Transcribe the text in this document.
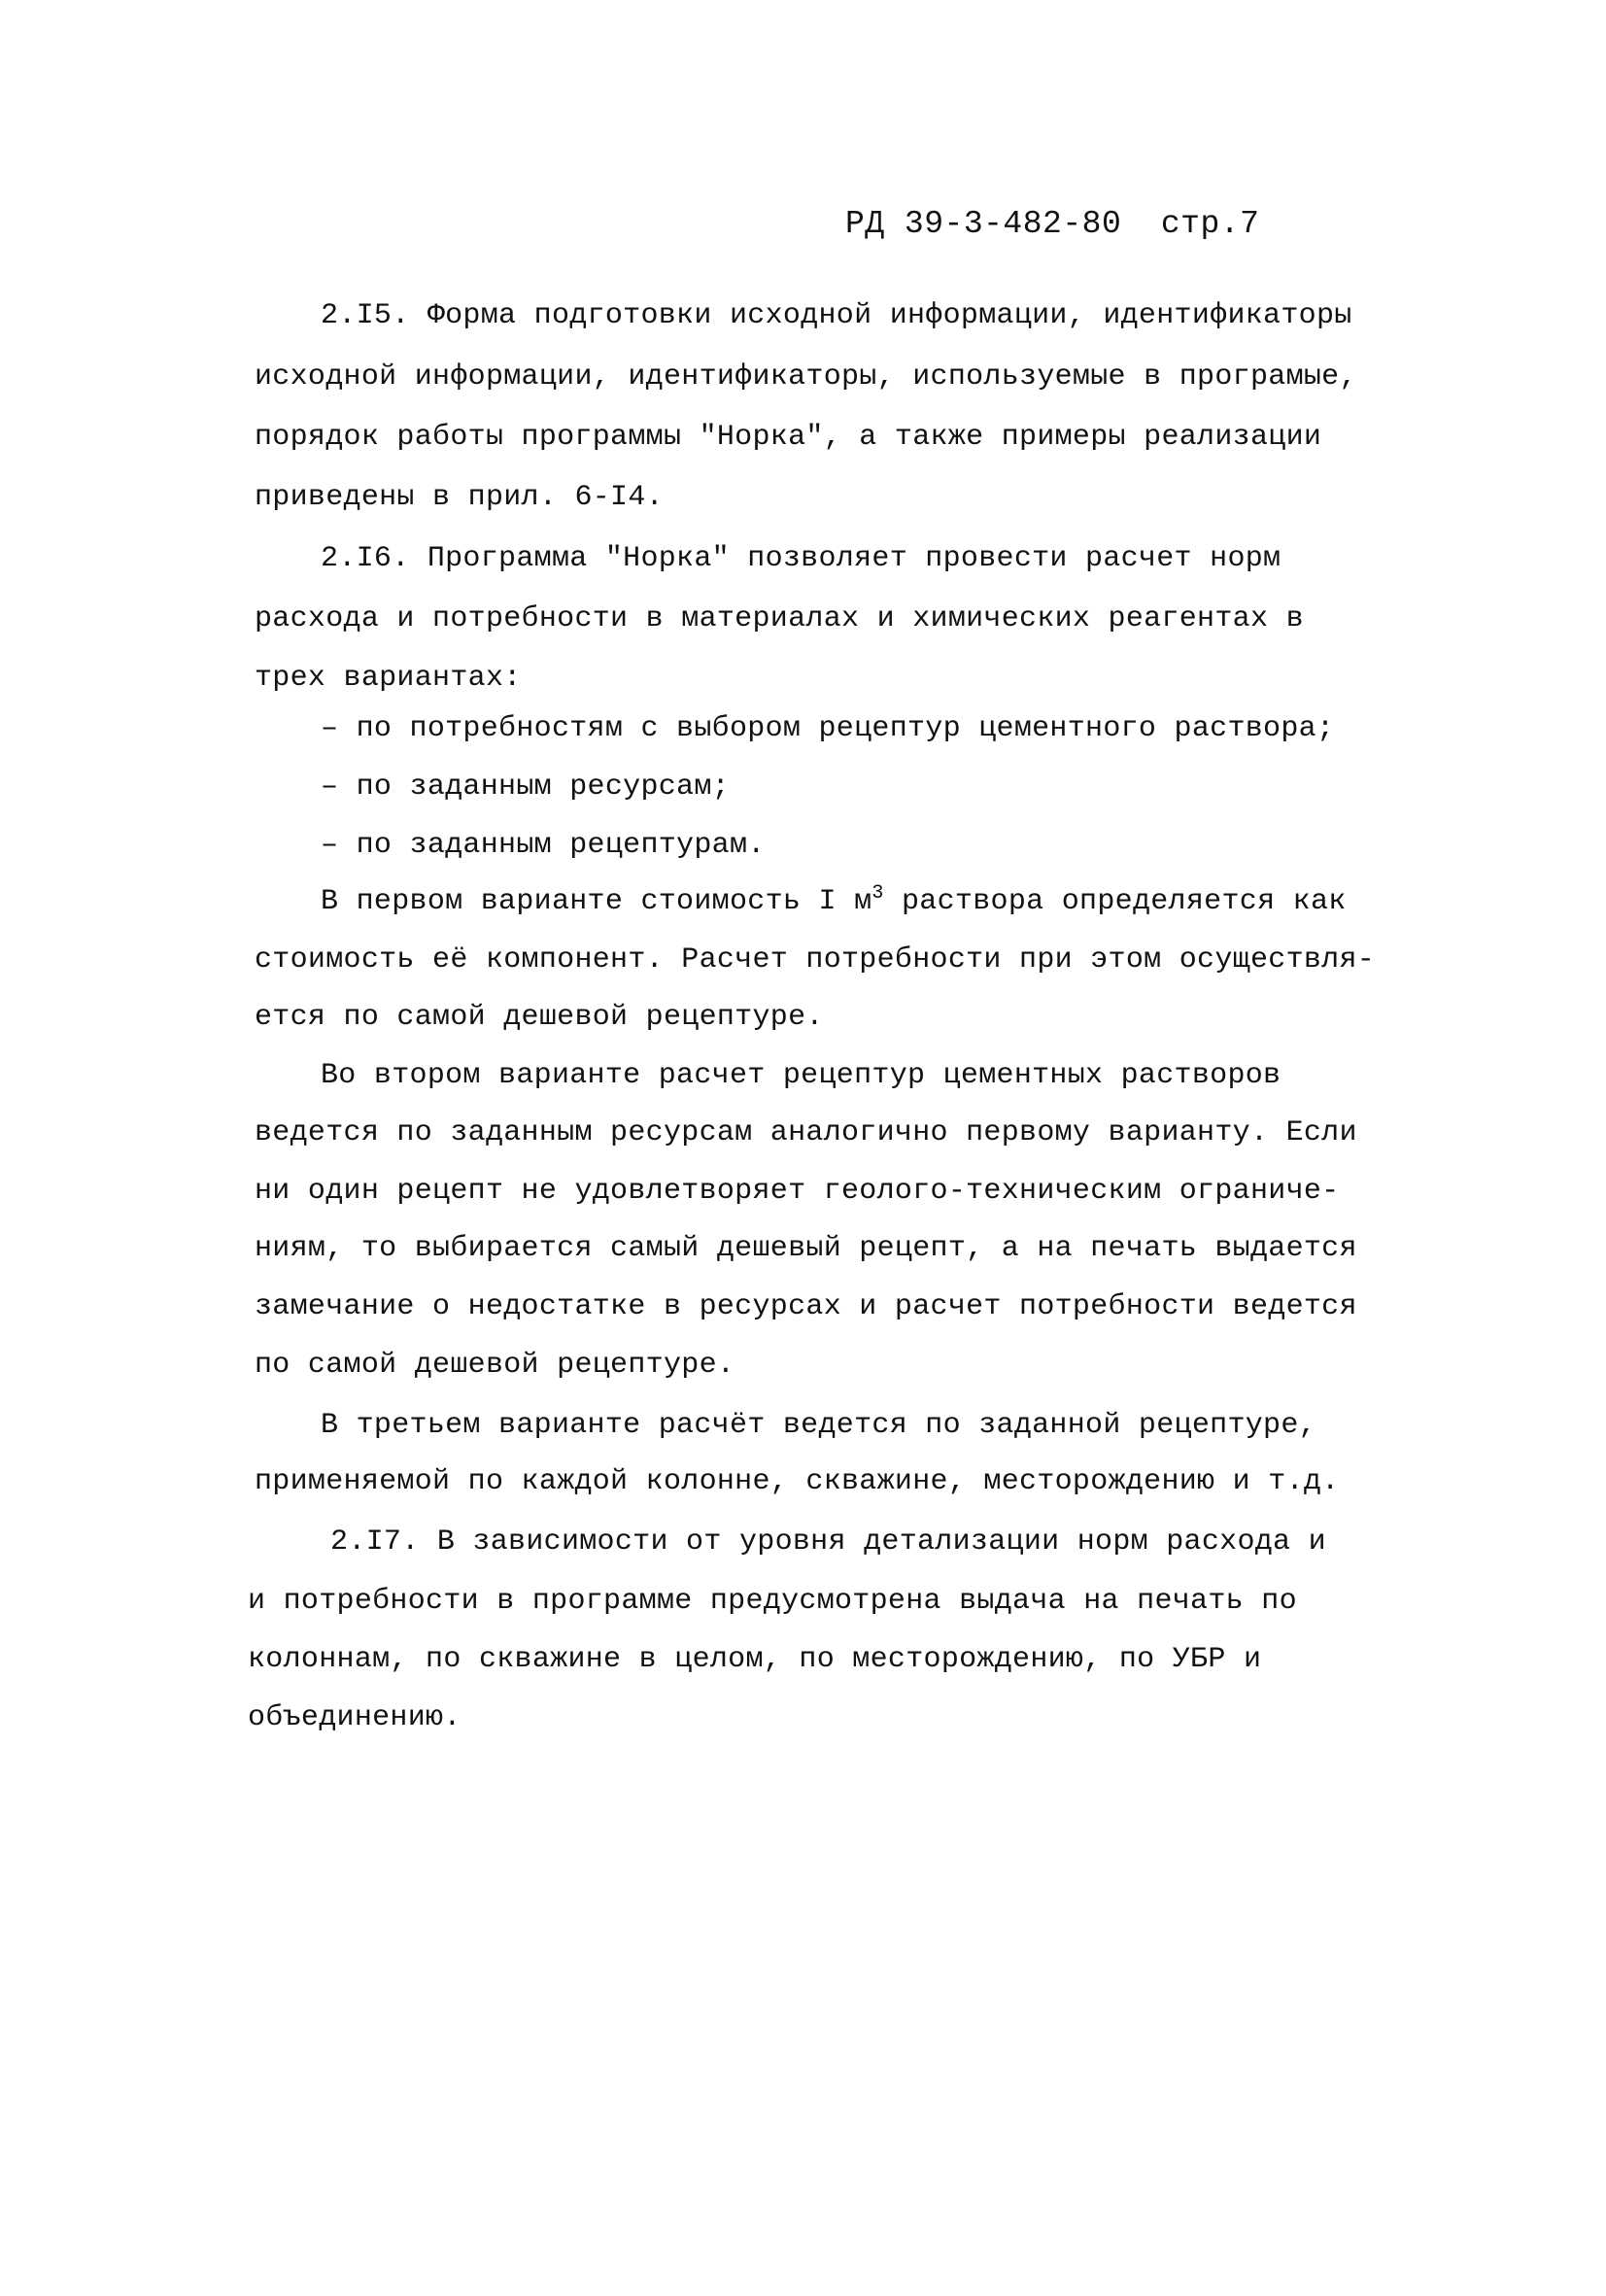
РД 39-3-482-80 стр.7
2.I5. Форма подготовки исходной информации, идентификаторы
исходной информации, идентификаторы, используемые в програмые,
порядок работы программы "Норка", а также примеры реализации
приведены в прил. 6-I4.
2.I6. Программа "Норка" позволяет провести расчет норм
расхода и потребности в материалах и химических реагентах в
трех вариантах:
– по потребностям с выбором рецептур цементного раствора;
– по заданным ресурсам;
– по заданным рецептурам.
В первом варианте стоимость I $м^3$ раствора определяется как
стоимость её компонент. Расчет потребности при этом осуществля-
ется по самой дешевой рецептуре.
Во втором варианте расчет рецептур цементных растворов
ведется по заданным ресурсам аналогично первому варианту. Если
ни один рецепт не удовлетворяет геолого-техническим ограниче-
ниям, то выбирается самый дешевый рецепт, а на печать выдается
замечание о недостатке в ресурсах и расчет потребности ведется
по самой дешевой рецептуре.
В третьем варианте расчёт ведется по заданной рецептуре,
применяемой по каждой колонне, скважине, месторождению и т.д.
2.I7. В зависимости от уровня детализации норм расхода и
и потребности в программе предусмотрена выдача на печать по
колоннам, по скважине в целом, по месторождению, по УБР и
объединению.
